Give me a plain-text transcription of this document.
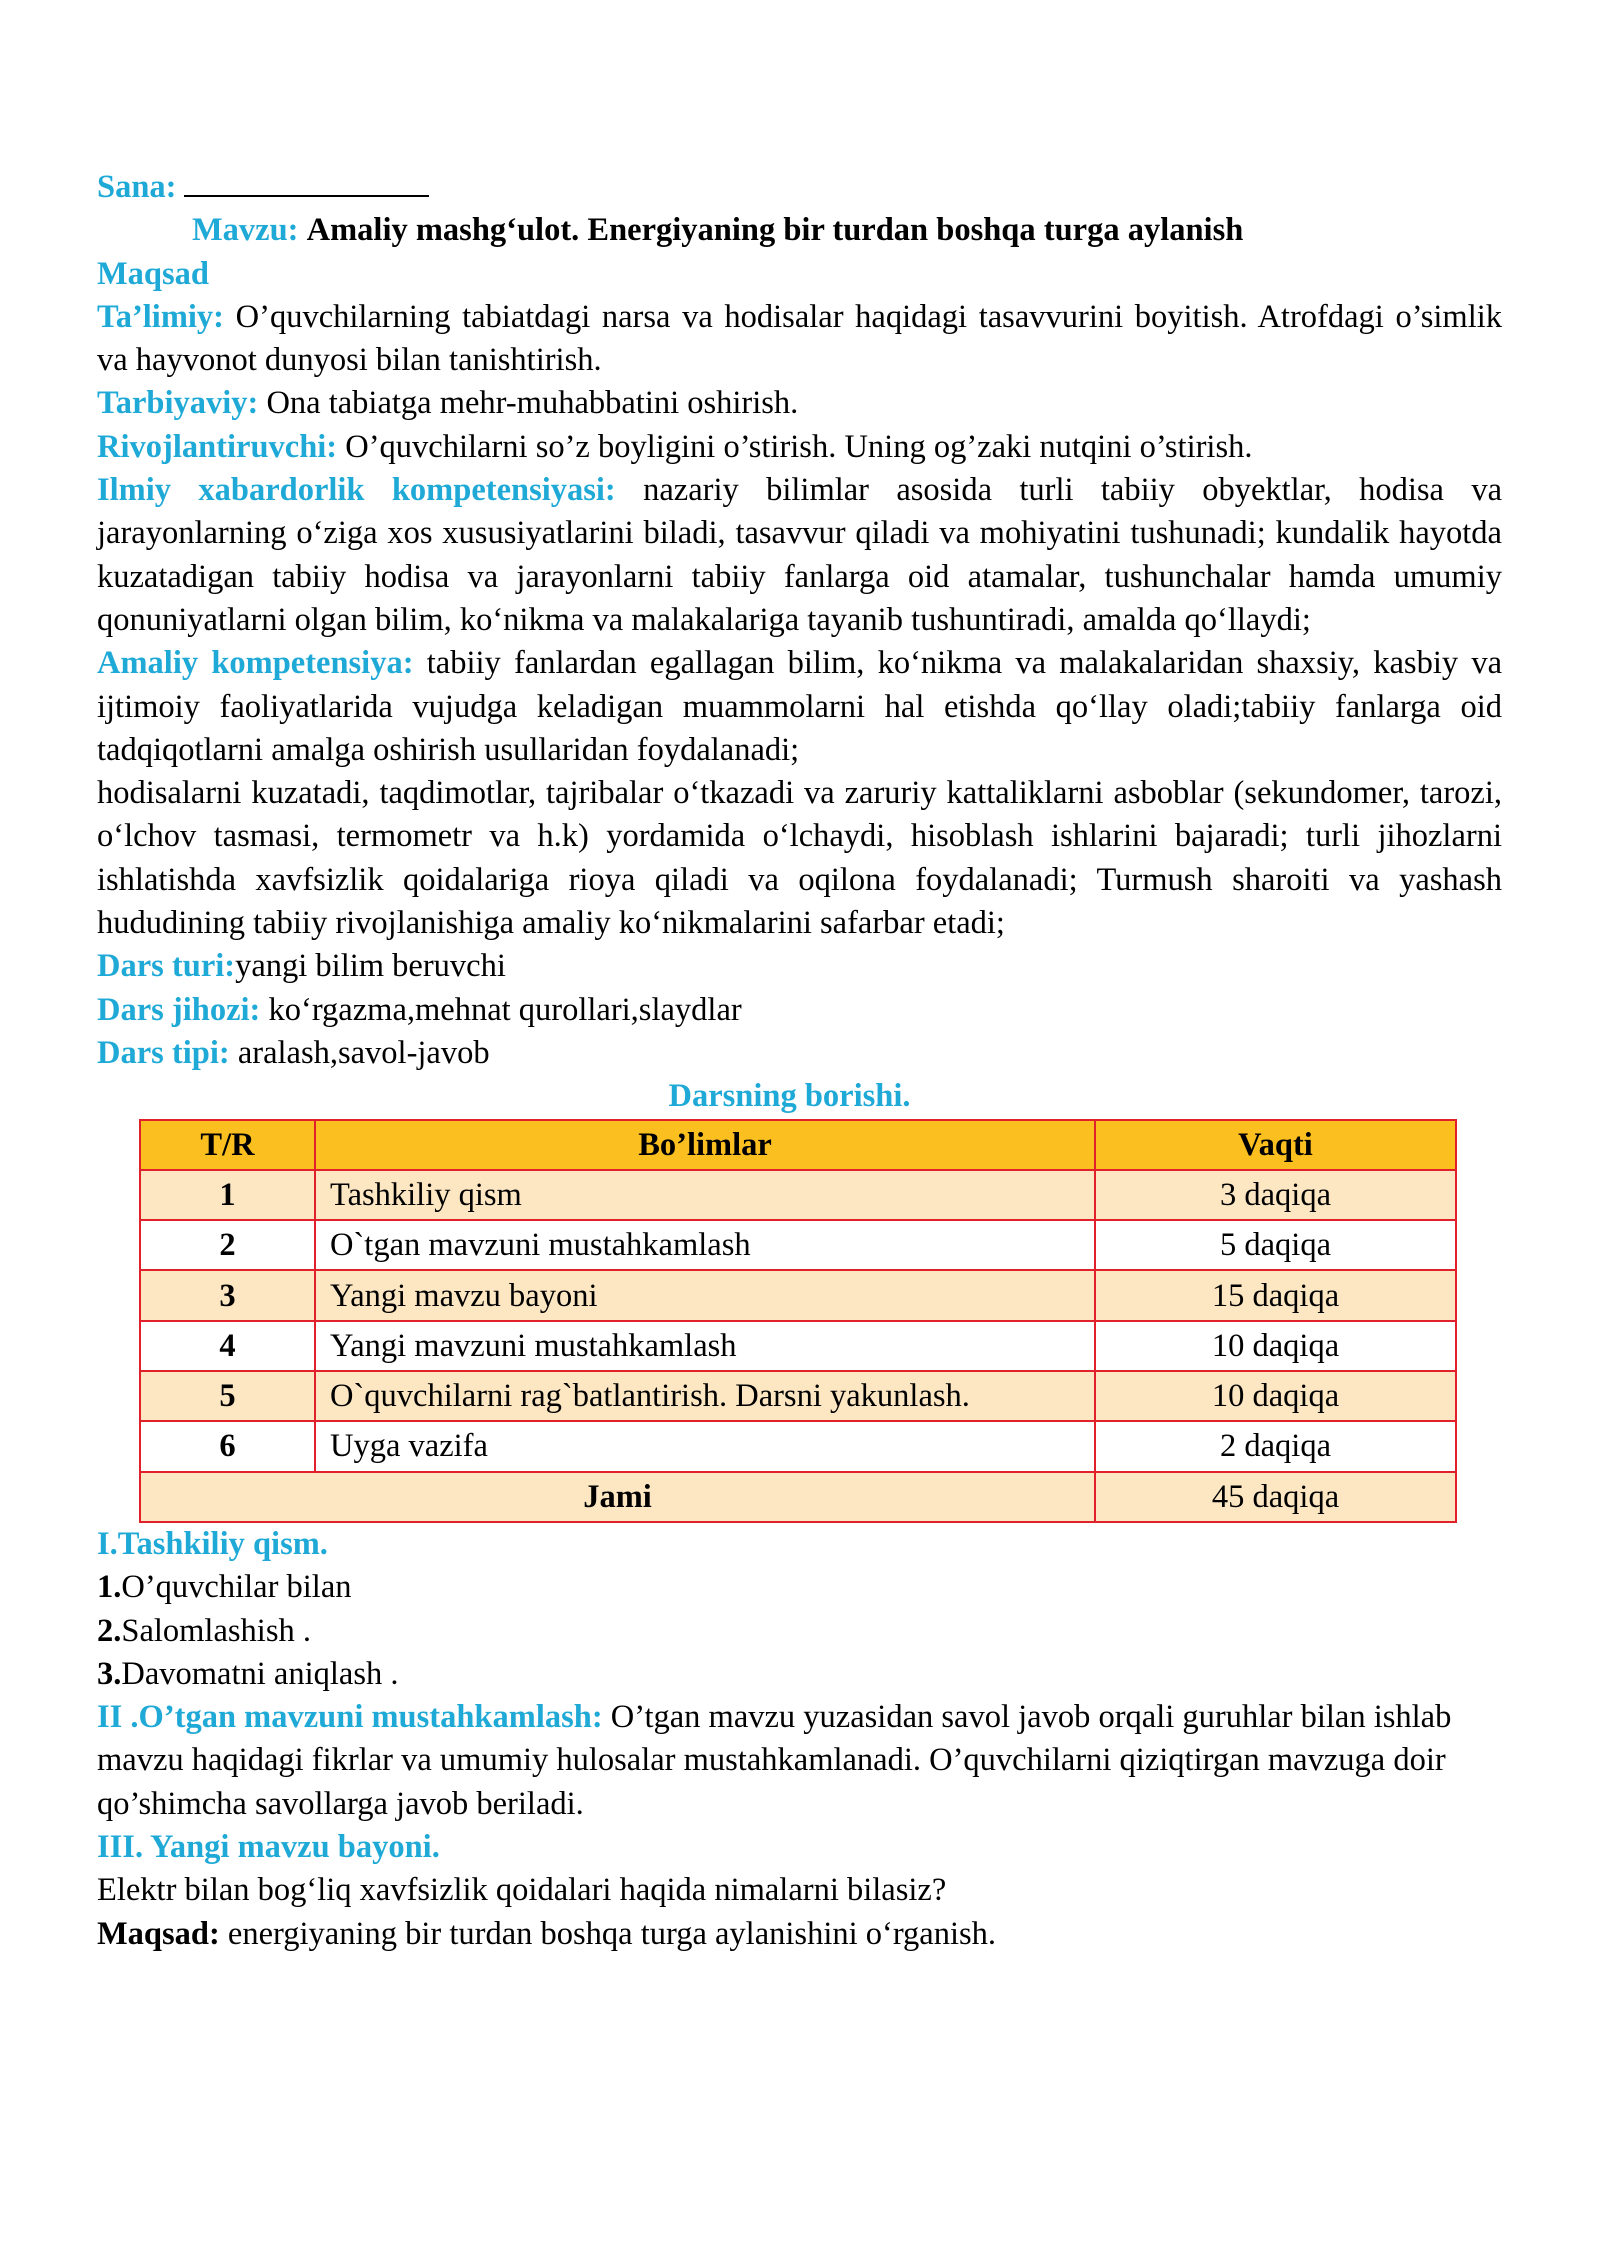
Sana:

Mavzu: Amaliy mashg‘ulot. Energiyaning bir turdan boshqa turga aylanish

Maqsad

Ta’limiy: O’quvchilarning tabiatdagi narsa va hodisalar haqidagi tasavvurini boyitish. Atrofdagi o’simlik va hayvonot dunyosi bilan tanishtirish.

Tarbiyaviy: Ona tabiatga mehr-muhabbatini oshirish.

Rivojlantiruvchi: O’quvchilarni so’z boyligini o’stirish. Uning og’zaki nutqini o’stirish.

Ilmiy xabardorlik kompetensiyasi: nazariy bilimlar asosida turli tabiiy obyektlar, hodisa va jarayonlarning o‘ziga xos xususiyatlarini biladi, tasavvur qiladi va mohiyatini tushunadi; kundalik hayotda kuzatadigan tabiiy hodisa va jarayonlarni tabiiy fanlarga oid atamalar, tushunchalar hamda umumiy qonuniyatlarni olgan bilim, ko‘nikma va malakalariga tayanib tushuntiradi, amalda qo‘llaydi;

Amaliy kompetensiya: tabiiy fanlardan egallagan bilim, ko‘nikma va malakalaridan shaxsiy, kasbiy va ijtimoiy faoliyatlarida vujudga keladigan muammolarni hal etishda qo‘llay oladi;tabiiy fanlarga oid tadqiqotlarni amalga oshirish usullaridan foydalanadi;

hodisalarni kuzatadi, taqdimotlar, tajribalar o‘tkazadi va zaruriy kattaliklarni asboblar (sekundomer, tarozi, o‘lchov tasmasi, termometr va h.k) yordamida o‘lchaydi, hisoblash ishlarini bajaradi; turli jihozlarni ishlatishda xavfsizlik qoidalariga rioya qiladi va oqilona foydalanadi; Turmush sharoiti va yashash hududining tabiiy rivojlanishiga amaliy ko‘nikmalarini safarbar etadi;

Dars turi:yangi bilim beruvchi

Dars jihozi: ko‘rgazma,mehnat qurollari,slaydlar

Dars tipi: aralash,savol-javob

Darsning borishi.

T/R	Bo’limlar	Vaqti
1	Tashkiliy qism	3 daqiqa
2	O`tgan mavzuni mustahkamlash	5 daqiqa
3	Yangi mavzu bayoni	15 daqiqa
4	Yangi mavzuni mustahkamlash	10 daqiqa
5	O`quvchilarni rag`batlantirish. Darsni yakunlash.	10 daqiqa
6	Uyga vazifa	2 daqiqa
Jami		45 daqiqa

I.Tashkiliy qism.

1.O’quvchilar bilan

2.Salomlashish .

3.Davomatni aniqlash .

II .O’tgan mavzuni mustahkamlash: O’tgan mavzu yuzasidan savol javob orqali guruhlar bilan ishlab mavzu haqidagi fikrlar va umumiy hulosalar mustahkamlanadi. O’quvchilarni qiziqtirgan mavzuga doir qo’shimcha savollarga javob beriladi.

III. Yangi mavzu bayoni.

Elektr bilan bog‘liq xavfsizlik qoidalari haqida nimalarni bilasiz?

Maqsad: energiyaning bir turdan boshqa turga aylanishini o‘rganish.
